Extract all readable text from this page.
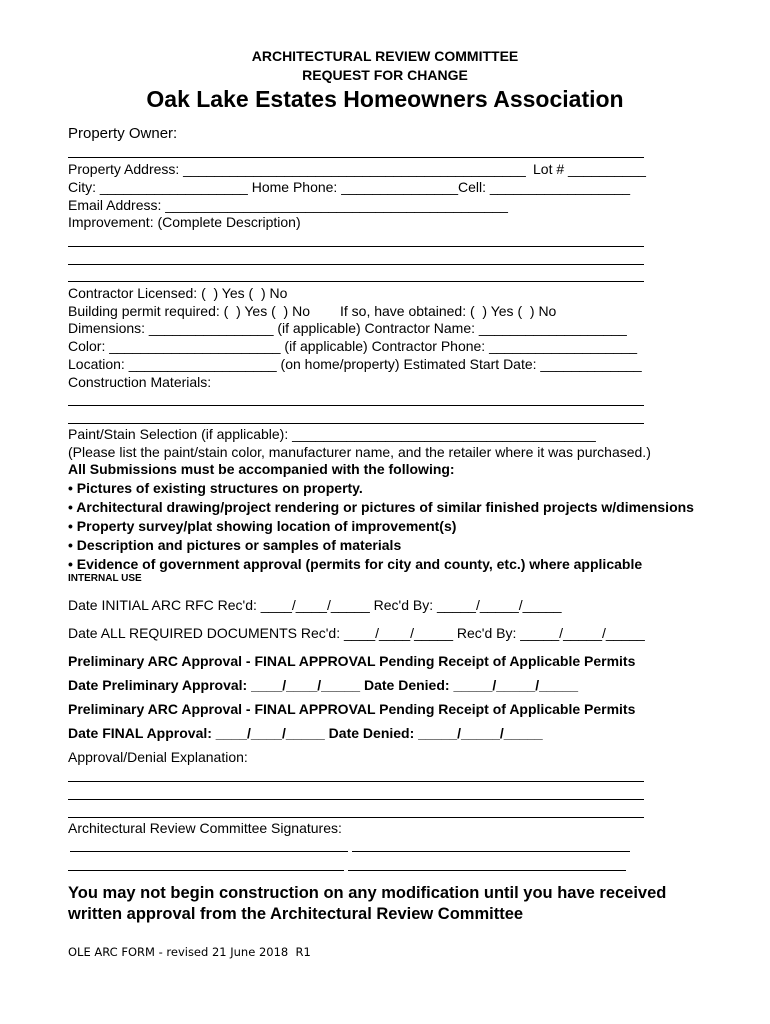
ARCHITECTURAL REVIEW COMMITTEE
REQUEST FOR CHANGE
Oak Lake Estates Homeowners Association
Property Owner:
Property Address: ____________________________________________ Lot # __________
City: ___________________ Home Phone: _______________Cell: __________________
Email Address: ____________________________________________
Improvement: (Complete Description)
Contractor Licensed: (  ) Yes (  ) No
Building permit required: (  ) Yes (  ) No If so, have obtained: (  ) Yes (  ) No
Dimensions: ________________ (if applicable) Contractor Name: ___________________
Color: ______________________ (if applicable) Contractor Phone: ___________________
Location: ___________________ (on home/property) Estimated Start Date: _____________
Construction Materials:
Paint/Stain Selection (if applicable): _______________________________________
(Please list the paint/stain color, manufacturer name, and the retailer where it was purchased.)
All Submissions must be accompanied with the following:
• Pictures of existing structures on property.
• Architectural drawing/project rendering or pictures of similar finished projects w/dimensions
• Property survey/plat showing location of improvement(s)
• Description and pictures or samples of materials
• Evidence of government approval (permits for city and county, etc.) where applicable
INTERNAL USE
Date INITIAL ARC RFC Rec'd: ____/____/_____ Rec'd By: _____/_____/_____
Date ALL REQUIRED DOCUMENTS Rec'd: ____/____/_____ Rec'd By: _____/_____/_____
Preliminary ARC Approval - FINAL APPROVAL Pending Receipt of Applicable Permits
Date Preliminary Approval: ____/____/_____ Date Denied: _____/_____/_____
Preliminary ARC Approval - FINAL APPROVAL Pending Receipt of Applicable Permits
Date FINAL Approval: ____/____/_____ Date Denied: _____/_____/_____
Approval/Denial Explanation:
Architectural Review Committee Signatures:
You may not begin construction on any modification until you have received
written approval from the Architectural Review Committee
OLE ARC FORM - revised 21 June 2018  R1
